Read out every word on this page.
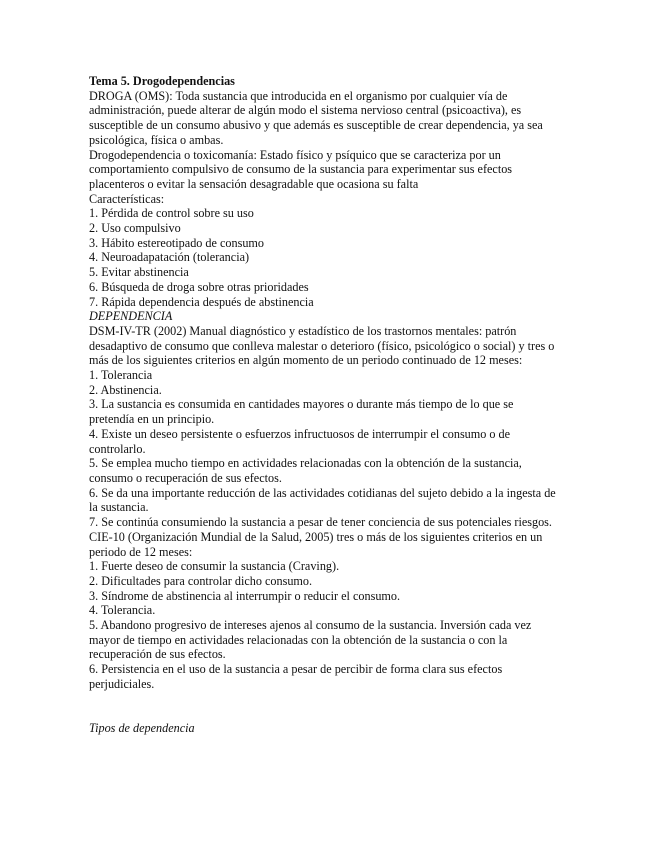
Tema 5. Drogodependencias

DROGA (OMS): Toda sustancia que introducida en el organismo por cualquier vía de administración, puede alterar de algún modo el sistema nervioso central (psicoactiva), es susceptible de un consumo abusivo y que además es susceptible de crear dependencia, ya sea psicológica, física o ambas.

Drogodependencia o toxicomanía: Estado físico y psíquico que se caracteriza por un comportamiento compulsivo de consumo de la sustancia para experimentar sus efectos placenteros o evitar la sensación desagradable que ocasiona su falta

Características:

1. Pérdida de control sobre su uso

2. Uso compulsivo

3. Hábito estereotipado de consumo

4. Neuroadapatación (tolerancia)

5. Evitar abstinencia

6. Búsqueda de droga sobre otras prioridades

7. Rápida dependencia después de abstinencia

DEPENDENCIA

DSM-IV-TR (2002) Manual diagnóstico y estadístico de los trastornos mentales: patrón desadaptivo de consumo que conlleva malestar o deterioro (físico, psicológico o social) y tres o más de los siguientes criterios en algún momento de un periodo continuado de 12 meses:

1. Tolerancia

2. Abstinencia.

3. La sustancia es consumida en cantidades mayores o durante más tiempo de lo que se pretendía en un principio.

4. Existe un deseo persistente o esfuerzos infructuosos de interrumpir el consumo o de controlarlo.

5. Se emplea mucho tiempo en actividades relacionadas con la obtención de la sustancia, consumo o recuperación de sus efectos.

6. Se da una importante reducción de las actividades cotidianas del sujeto debido a la ingesta de la sustancia.

7. Se continúa consumiendo la sustancia a pesar de tener conciencia de sus potenciales riesgos.

CIE-10 (Organización Mundial de la Salud, 2005) tres o más de los siguientes criterios en un periodo de 12 meses:

1. Fuerte deseo de consumir la sustancia (Craving).

2. Dificultades para controlar dicho consumo.

3. Síndrome de abstinencia al interrumpir o reducir el consumo.

4. Tolerancia.

5. Abandono progresivo de intereses ajenos al consumo de la sustancia. Inversión cada vez mayor de tiempo en actividades relacionadas con la obtención de la sustancia o con la recuperación de sus efectos.

6. Persistencia en el uso de la sustancia a pesar de percibir de forma clara sus efectos perjudiciales.

Tipos de dependencia
